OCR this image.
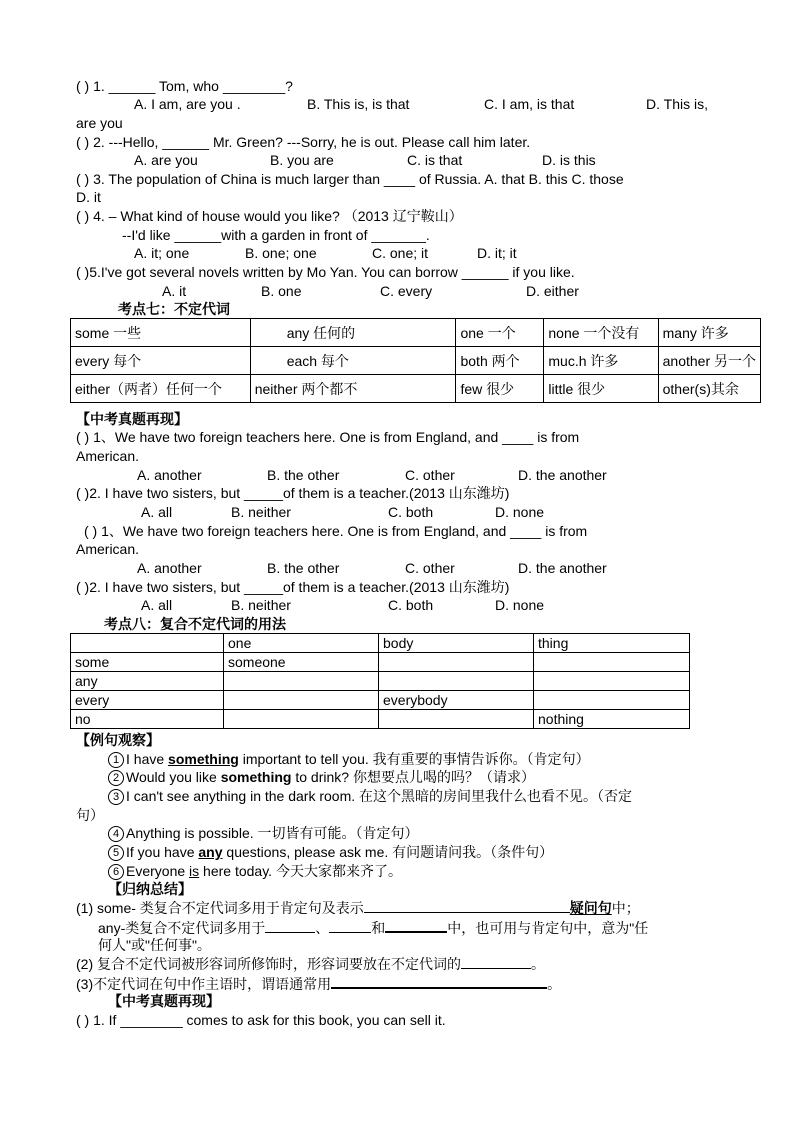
( ) 1. ______ Tom, who ________?
A. I am, are you .	B. This is, is that	C. I am, is that	D. This is,
are you
( ) 2. ---Hello, ______ Mr. Green? ---Sorry, he is out. Please call him later.
A. are you	B. you are	C. is that	D. is this
( ) 3. The population of China is much larger than ____ of Russia. A. that B. this C. those
D. it
( ) 4. – What kind of house would you like? （2013 辽宁鞍山）
--I'd like ______with a garden in front of _______.
A. it; one	B. one; one	C. one; it	D. it; it
( )5.I've got several novels written by Mo Yan. You can borrow ______ if you like.
A. it	B. one	C. every	D. either
考点七：不定代词
some 一些	any 任何的	one 一个	none 一个没有	many 许多
every 每个	each 每个	both 两个	muc.h 许多	another 另一个
either（两者）任何一个	neither 两个都不	few 很少	little 很少	other(s)其余
【中考真题再现】
( ) 1、We have two foreign teachers here. One is from England, and ____ is from
American.
A. another	B. the other	C. other	D. the another
( )2. I have two sisters, but _____of them is a teacher.(2013 山东潍坊)
A. all	B. neither	C. both	D. none
( ) 1、We have two foreign teachers here. One is from England, and ____ is from
American.
A. another	B. the other	C. other	D. the another
( )2. I have two sisters, but _____of them is a teacher.(2013 山东潍坊)
A. all	B. neither	C. both	D. none
考点八：复合不定代词的用法
	one	body	thing
some	someone		
any			
every		everybody	
no			nothing
【例句观察】
1 I have something important to tell you. 我有重要的事情告诉你。（肯定句）
2 Would you like something to drink? 你想要点儿喝的吗？（请求）
3 I can't see anything in the dark room. 在这个黑暗的房间里我什么也看不见。（否定
句）
4 Anything is possible. 一切皆有可能。（肯定句）
5 If you have any questions, please ask me. 有问题请问我。（条件句）
6 Everyone is here today. 今天大家都来齐了。
【归纳总结】
(1) some- 类复合不定代词多用于肯定句及表示	疑问句中；
any-类复合不定代词多用于	、	和	中，也可用与肯定句中，意为"任
何人"或"任何事"。
(2) 复合不定代词被形容词所修饰时，形容词要放在不定代词的	。
(3)不定代词在句中作主语时，谓语通常用	。
【中考真题再现】
( ) 1. If ________ comes to ask for this book, you can sell it.
